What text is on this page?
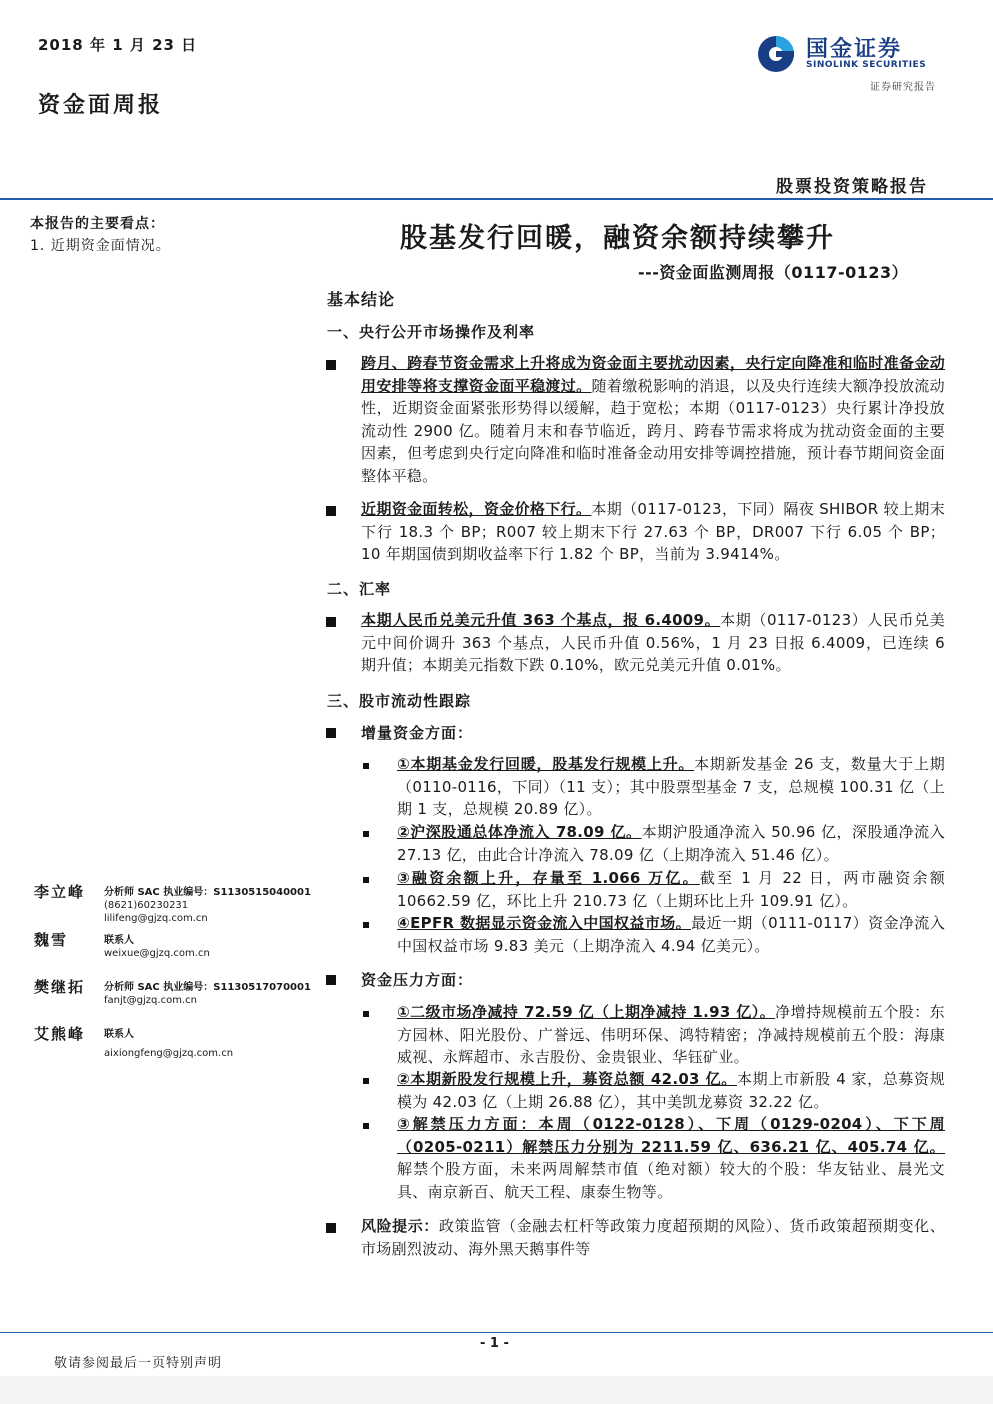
2018 年 1 月 23 日
资金面周报
国金证券
SINOLINK SECURITIES
证券研究报告
股票投资策略报告
本报告的主要看点：
1. 近期资金面情况。	股基发行回暖，融资余额持续攀升
---资金面监测周报（0117-0123）
基本结论
一、央行公开市场操作及利率
跨月、跨春节资金需求上升将成为资金面主要扰动因素，央行定向降准和临时准备金动用安排等将支撑资金面平稳渡过。随着缴税影响的消退，以及央行连续大额净投放流动性，近期资金面紧张形势得以缓解，趋于宽松；本期（0117-0123）央行累计净投放流动性 2900 亿。随着月末和春节临近，跨月、跨春节需求将成为扰动资金面的主要因素，但考虑到央行定向降准和临时准备金动用安排等调控措施，预计春节期间资金面整体平稳。
近期资金面转松，资金价格下行。本期（0117-0123，下同）隔夜 SHIBOR 较上期末下行 18.3 个 BP；R007 较上期末下行 27.63 个 BP，DR007 下行 6.05 个 BP；10 年期国债到期收益率下行 1.82 个 BP，当前为 3.9414%。
二、汇率
本期人民币兑美元升值 363 个基点，报 6.4009。本期（0117-0123）人民币兑美元中间价调升 363 个基点，人民币升值 0.56%，1 月 23 日报 6.4009，已连续 6 期升值；本期美元指数下跌 0.10%，欧元兑美元升值 0.01%。
三、股市流动性跟踪
增量资金方面：
①本期基金发行回暖，股基发行规模上升。本期新发基金 26 支，数量大于上期（0110-0116，下同）（11 支）；其中股票型基金 7 支，总规模 100.31 亿（上期 1 支，总规模 20.89 亿）。
②沪深股通总体净流入 78.09 亿。本期沪股通净流入 50.96 亿，深股通净流入 27.13 亿，由此合计净流入 78.09 亿（上期净流入 51.46 亿）。
③融资余额上升，存量至 1.066 万亿。截至 1 月 22 日，两市融资余额 10662.59 亿，环比上升 210.73 亿（上期环比上升 109.91 亿）。
④EPFR 数据显示资金流入中国权益市场。最近一期（0111-0117）资金净流入中国权益市场 9.83 美元（上期净流入 4.94 亿美元）。
资金压力方面：
①二级市场净减持 72.59 亿（上期净减持 1.93 亿）。净增持规模前五个股：东方园林、阳光股份、广誉远、伟明环保、鸿特精密；净减持规模前五个股：海康威视、永辉超市、永吉股份、金贵银业、华钰矿业。
②本期新股发行规模上升，募资总额 42.03 亿。本期上市新股 4 家，总募资规模为 42.03 亿（上期 26.88 亿），其中美凯龙募资 32.22 亿。
③解禁压力方面：本周（0122-0128）、下周（0129-0204）、下下周（0205-0211）解禁压力分别为 2211.59 亿、636.21 亿、405.74 亿。解禁个股方面，未来两周解禁市值（绝对额）较大的个股：华友钴业、晨光文具、南京新百、航天工程、康泰生物等。
风险提示：政策监管（金融去杠杆等政策力度超预期的风险）、货币政策超预期变化、市场剧烈波动、海外黑天鹅事件等
李立峰 分析师 SAC 执业编号：S1130515040001
(8621)60230231
lilifeng@gjzq.com.cn
魏雪	联系人
weixue@gjzq.com.cn
樊继拓 分析师 SAC 执业编号：S1130517070001
fanjt@gjzq.com.cn
艾熊峰 联系人
aixiongfeng@gjzq.com.cn
- 1 -
敬请参阅最后一页特别声明
